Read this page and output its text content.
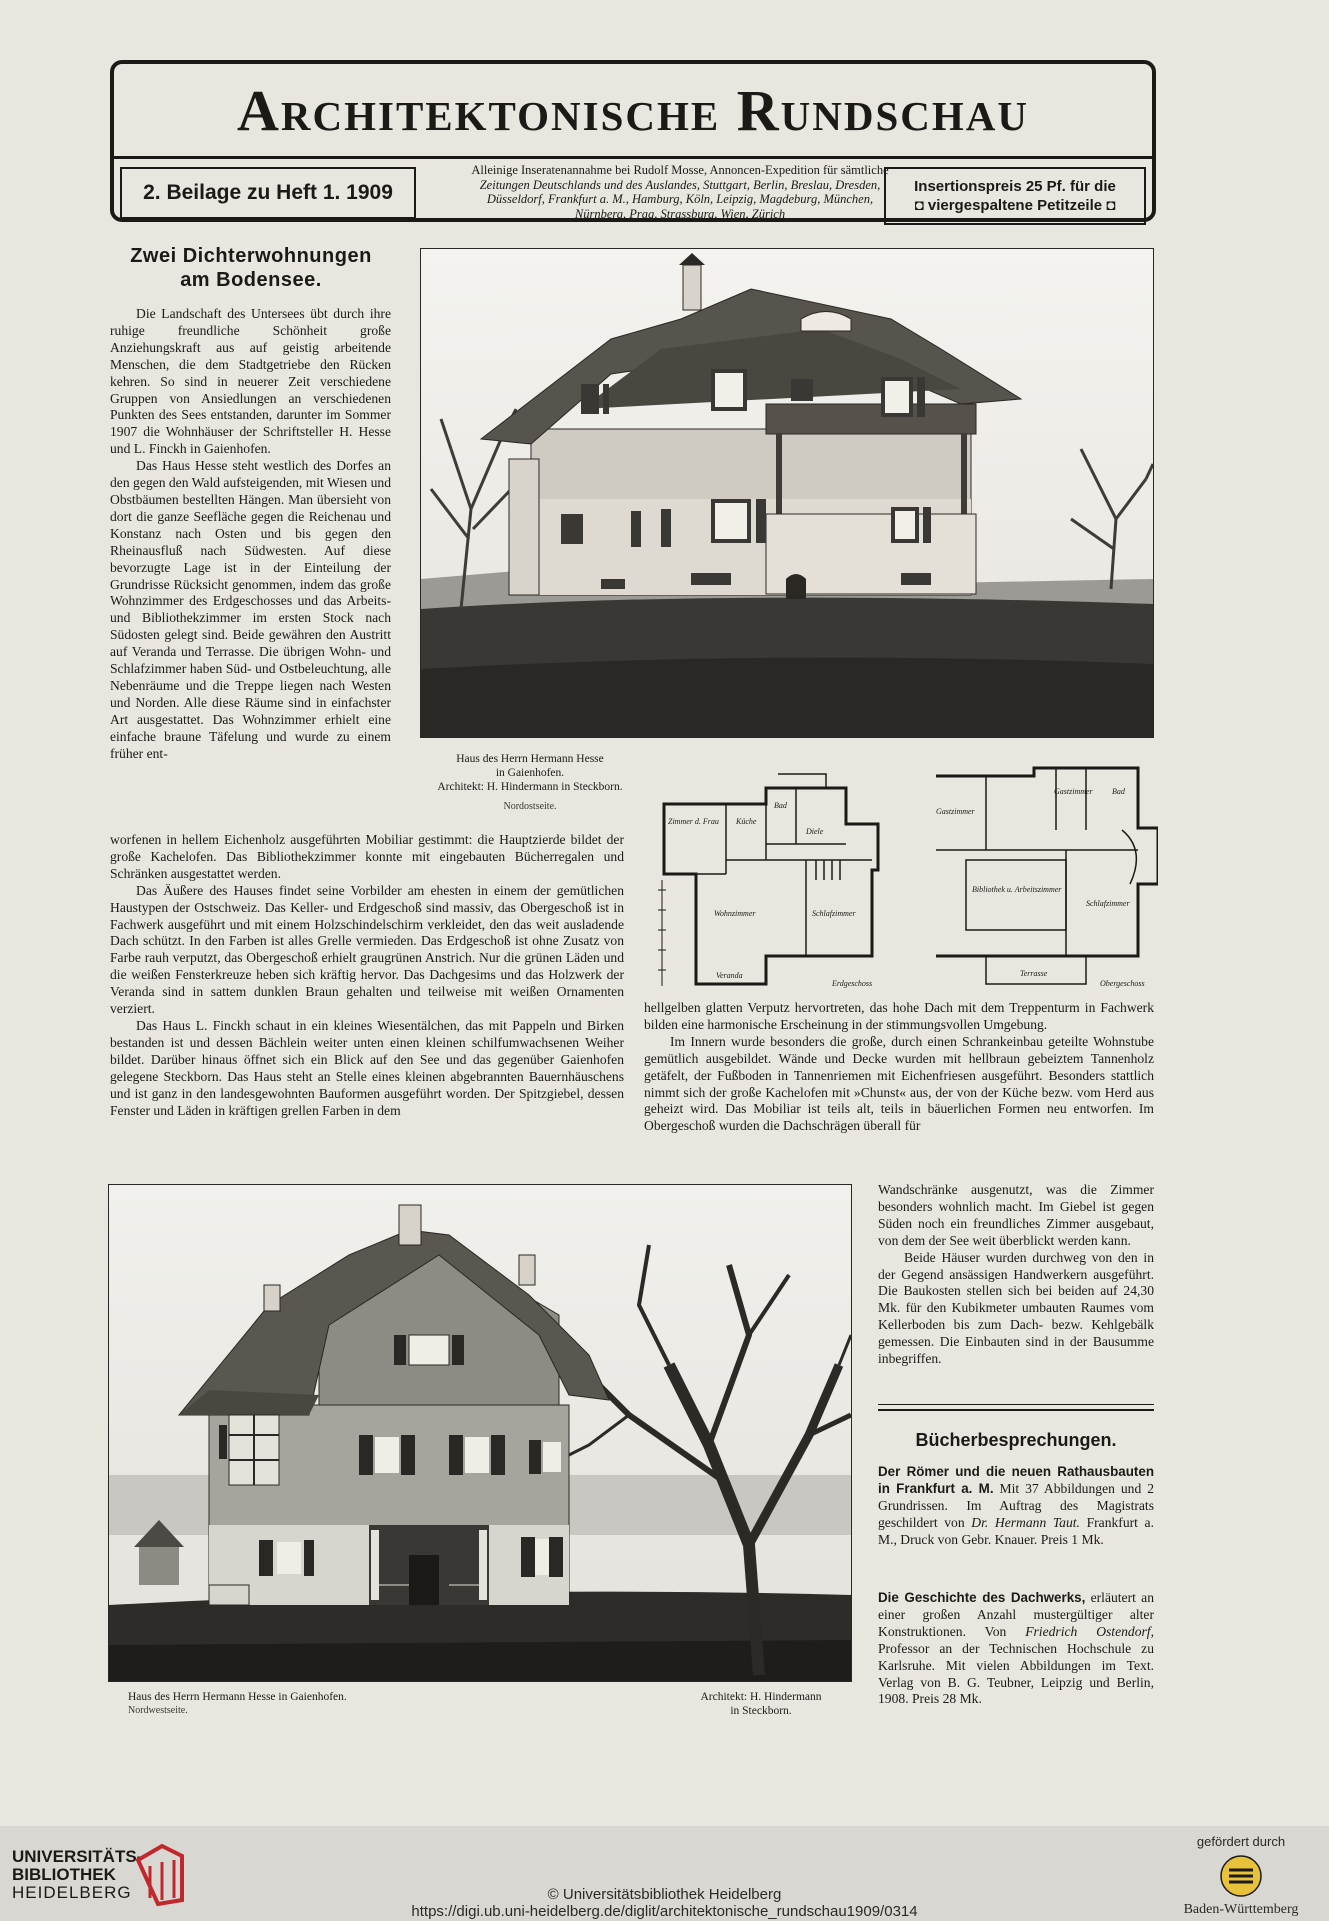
Architektonische Rundschau
2. Beilage zu Heft 1. 1909
Alleinige Inseratenannahme bei Rudolf Mosse, Annoncen-Expedition für sämtliche
Zeitungen Deutschlands und des Auslandes, Stuttgart, Berlin, Breslau, Dresden,
Düsseldorf, Frankfurt a. M., Hamburg, Köln, Leipzig, Magdeburg, München,
Nürnberg, Prag, Strassburg, Wien, Zürich
Insertionspreis 25 Pf. für die
◘ viergespaltene Petitzeile ◘
Zwei Dichterwohnungen
am Bodensee.

Die Landschaft des Untersees übt durch ihre ruhige freundliche Schönheit große Anziehungskraft aus auf geistig arbeitende Menschen, die dem Stadtgetriebe den Rücken kehren. So sind in neuerer Zeit verschiedene Gruppen von Ansiedlungen an verschiedenen Punkten des Sees entstanden, darunter im Sommer 1907 die Wohnhäuser der Schriftsteller H. Hesse und L. Finckh in Gaienhofen.

Das Haus Hesse steht westlich des Dorfes an den gegen den Wald aufsteigenden, mit Wiesen und Obstbäumen bestellten Hängen. Man übersieht von dort die ganze Seefläche gegen die Reichenau und Konstanz nach Osten und bis gegen den Rheinausfluß nach Südwesten. Auf diese bevorzugte Lage ist in der Einteilung der Grundrisse Rücksicht genommen, indem das große Wohnzimmer des Erdgeschosses und das Arbeits- und Bibliothekzimmer im ersten Stock nach Südosten gelegt sind. Beide gewähren den Austritt auf Veranda und Terrasse. Die übrigen Wohn- und Schlafzimmer haben Süd- und Ostbeleuchtung, alle Nebenräume und die Treppe liegen nach Westen und Norden. Alle diese Räume sind in einfachster Art ausgestattet. Das Wohnzimmer erhielt eine einfache braune Täfelung und wurde zu einem früher ent-

worfenen in hellem Eichenholz ausgeführten Mobiliar gestimmt: die Hauptzierde bildet der große Kachelofen. Das Bibliothekzimmer konnte mit eingebauten Bücherregalen und Schränken ausgestattet werden.

Das Äußere des Hauses findet seine Vorbilder am ehesten in einem der gemütlichen Haustypen der Ostschweiz. Das Keller- und Erdgeschoß sind massiv, das Obergeschoß ist in Fachwerk ausgeführt und mit einem Holzschindelschirm verkleidet, den das weit ausladende Dach schützt. In den Farben ist alles Grelle vermieden. Das Erdgeschoß ist ohne Zusatz von Farbe rauh verputzt, das Obergeschoß erhielt graugrünen Anstrich. Nur die grünen Läden und die weißen Fensterkreuze heben sich kräftig hervor. Das Dachgesims und das Holzwerk der Veranda sind in sattem dunklen Braun gehalten und teilweise mit weißen Ornamenten verziert.

Das Haus L. Finckh schaut in ein kleines Wiesentälchen, das mit Pappeln und Birken bestanden ist und dessen Bächlein weiter unten einen kleinen schilfumwachsenen Weiher bildet. Darüber hinaus öffnet sich ein Blick auf den See und das gegenüber Gaienhofen gelegene Steckborn. Das Haus steht an Stelle eines kleinen abgebrannten Bauernhäuschens und ist ganz in den landesgewohnten Bauformen ausgeführt worden. Der Spitzgiebel, dessen Fenster und Läden in kräftigen grellen Farben in dem

Haus des Herrn Hermann Hesse
in Gaienhofen.
Architekt: H. Hindermann in Steckborn.
Nordostseite.
Zimmer d. Frau Küche
Bad
Diele
Wohnzimmer	Schlafzimmer
Veranda
Erdgeschoss
Gastzimmer
Gastzimmer Bad
Bibliothek u. Arbeitszimmer
Schlafzimmer
Terrasse
Obergeschoss

hellgelben glatten Verputz hervortreten, das hohe Dach mit dem Treppenturm in Fachwerk bilden eine harmonische Erscheinung in der stimmungsvollen Umgebung.

Im Innern wurde besonders die große, durch einen Schrankeinbau geteilte Wohnstube gemütlich ausgebildet. Wände und Decke wurden mit hellbraun gebeiztem Tannenholz getäfelt, der Fußboden in Tannenriemen mit Eichenfriesen ausgeführt. Besonders stattlich nimmt sich der große Kachelofen mit »Chunst« aus, der von der Küche bezw. vom Herd aus geheizt wird. Das Mobiliar ist teils alt, teils in bäuerlichen Formen neu entworfen. Im Obergeschoß wurden die Dachschrägen überall für

Wandschränke ausgenutzt, was die Zimmer besonders wohnlich macht. Im Giebel ist gegen Süden noch ein freundliches Zimmer ausgebaut, von dem der See weit überblickt werden kann.

Beide Häuser wurden durchweg von den in der Gegend ansässigen Handwerkern ausgeführt. Die Baukosten stellen sich bei beiden auf 24,30 Mk. für den Kubikmeter umbauten Raumes vom Kellerboden bis zum Dach- bezw. Kehlgebälk gemessen. Die Einbauten sind in der Bausumme inbegriffen.

Haus des Herrn Hermann Hesse in Gaienhofen.
Nordwestseite.
Architekt: H. Hindermann
in Steckborn.
Bücherbesprechungen.
Der Römer und die neuen Rathausbauten in Frankfurt a. M. Mit 37 Abbildungen und 2 Grundrissen. Im Auftrag des Magistrats geschildert von Dr. Hermann Taut. Frankfurt a. M., Druck von Gebr. Knauer. Preis 1 Mk.
Die Geschichte des Dachwerks, erläutert an einer großen Anzahl mustergültiger alter Konstruktionen. Von Friedrich Ostendorf, Professor an der Technischen Hochschule zu Karlsruhe. Mit vielen Abbildungen im Text. Verlag von B. G. Teubner, Leipzig und Berlin, 1908. Preis 28 Mk.
UNIVERSITÄTS-
BIBLIOTHEK
HEIDELBERG	© Universitätsbibliothek Heidelberg
https://digi.ub.uni-heidelberg.de/diglit/architektonische_rundschau1909/0314
gefördert durch
Baden-Württemberg
